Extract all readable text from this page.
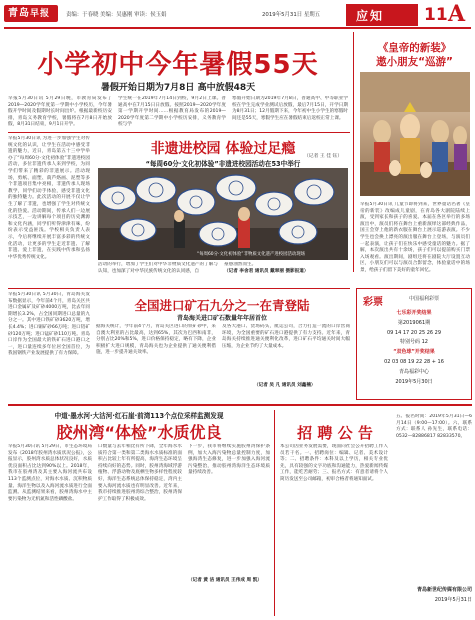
青岛早报	责编：于春晓 美编：吴惠刚 审读：侯玉娟	2019年5月31日 星期五	应知 11 A
小学初中今年暑假55天
暑假开始日期为7月8日 高中放假48天
早报5月30日讯 5月29日晚，市教育局发布了2019—2020学年度第一学期中小学校历，今年暑假开学时间及假期时长时间出炉。根据最新校历安排，青岛义务教育学校，暑假将在7月8日开始放假，8月31日结束，9月1日开学。
学生统一在2019年7月14日到校，9月2日上课。普通高中在7月15日日放假。按照2019—2020学年度第一学期开学时间……根据教育局发布的2019—2020学年度第二学期中小学校历安排，义务教育学校与学
寒假开始日期为2019年7月8日，普通高中、中等职业学校在学生完成学业测试后放假，最后7月15日，开学日期为8月31日；12月假期下来，今年初中生小学生的寒假时间还是55天，寒假学生应在暑假结束后返校正常上课。
（记者 王 佳 钰）
《皇帝的新装》
遨小朋友“巡游”
早报5月30日讯 儿童节即将到来，世界童话名著《皇帝的新装》改编成儿童剧，在青岛各大剧院陆续上演，受到家长和孩子的喜爱。本届在各区举行的多场演出中，演员们将在舞台上重新演绎这部经典作品，国王会穿上他的新衣服在舞台上展示巡游表演。不少学生也会换上漂亮的演出服在舞台上登场，与演员们一起表演，让孩子们在快乐中感受童话的魅力。据了解，本次演出共有十余场，孩子们可以提前购买门票入场观看。演出期间，剧组还将在剧院大厅设置互动区，小朋友们可以与演员合影留念，体验童话中的场景，给孩子们留下美好的童年回忆。
早报5月30日讯 为进一步加强学生对传统文化的认识，让学生在活动中感受非遗的魅力，近日，青岛第五十三中学举办了“每周60分·文化初体验”非遗进校园活动，多位非遗传承人来到学校，为同学们带来了精彩的非遗展示。活动现场，剪纸、面塑、葫芦烙画、泥塑等多个非遗项目集中亮相，非遗传承人现场教学，同学们动手体验，感受非遗文化的独特魅力。此次活动的开展不仅让学生了解了非遗，也增强了学生对传统文化的热爱。活动期间，传承人们一边展示技艺，一边讲解每个项目的历史渊源和文化内涵，同学们听得津津有味，纷纷表示受益匪浅。学校相关负责人表示，今后将继续开展丰富多彩的传统文化活动，让更多的学生走近非遗、了解非遗、爱上非遗，在实践中传承和弘扬中华优秀传统文化。
非遗进校园 体验过足瘾
“每周60分·文化初体验”非遗进校园活动在53中举行
“每周60分·文化初体验”非物质文化遗产进校园活动现场
活动的举行，增加了学生们对中华非物质文化遗产的了解与认知，也加深了对中华民族传统文化的认同感，自
豪感油然而生。
（记者 李舍君 通讯员 戴翠丽 摄影报道）
早报5月30日讯 5月30日，青岛海关发布数据显示，今年前4个月，青岛关区共进口金属矿及矿砂4000万吨，比去年同期增长3.2%，占全国同期进口总量的九分之一。其中进口铁矿砂3620万吨，增长4.4%；进口铜矿砂66万吨；进口铝矿砂120万吨；进口锰矿砂110万吨。青岛口岸作为全国最大的铁矿石进口港口之一，进口量连续多年位居全国首位，为我国钢铁产业发展提供了有力保障。
全国进口矿石九分之一在青登陆
青岛海关进口矿石数量年年居首位
据海关统计，今年前4个月，青岛关区进口的铁矿砂中，来自澳大利亚的占比最高，达到65%，其次为巴西和南非，分别占比20%和5%，进口价格保持稳定，略有下降，企业积极扩大进口规模，青岛海关也为企业提供了通关便利措施，进一步提升通关效率。
及各大港口、货场码头，航运公司，合力打造一流的口岸营商环境，为全国重要的矿石进口港提供了有力支持。近年来，青岛海关持续推进通关便利化改革，进口矿石平均通关时间大幅压缩，为企业节约了大量成本。
（记者 吴 凡 通讯员 刘鑫楠）
彩票	中国福利彩票
七乐彩开奖结果
第2019061期
09 14 17 20 25 26 29
特别号码 12
“双色球”开奖结果
02 03 08 19 22 28 + 16
青岛福彩中心
2019年5月30日
中道·墨水河·大沽河·红石崖·前湾113个点位采样监测发现
胶州湾“体检”水质优良
早报5月30日讯 5月29日，市生态环境局发布《2018年胶州湾水质状况公报》，公报显示，胶州湾水质总体状况良好，水质优良面积占比达到90%以上。2018年，我市在胶州湾及其主要入海河流共布设113个监测点位，对海水水质、沉积物质量、海洋生物以及入海河流水质进行全面监测。从监测结果来看，胶州湾海水中主要污染物为无机氮和活性磷酸盐。
口数量与去年相比有所下降，全年海水水质符合第一类和第二类海水水质标准的面积占比较上年有所提高，海湾生态环境呈持续向好的态势。同时，胶州湾海域浮游植物、浮游动物及底栖生物多样性程度较好，海洋生态系统总体保持稳定，湾内主要入海河流水质也有明显改善。近年来，我市持续推进胶州湾综合整治，胶州湾保护工作取得了积极成效。
下一步，我市将继续实施胶州湾保护条例，加大入海污染物总量控制力度，加强海湾生态修复，进一步加强入海河流污染整治，推动胶州湾海洋生态环境质量持续改善。
（记者 黄 洁 通讯员 王伟成 周 凯）
招 聘 公 告
本公司因业务发展需要，现面向社会公开招聘工作人员若干名。一、招聘岗位：编辑、记者、美术设计等；二、招聘条件：本科及以上学历，相关专业优先，具有较强的文字功底和沟通能力，热爱新闻传媒工作，能吃苦耐劳；三、报名方式：有意者请将个人简历发送至公司邮箱，初审合格者将通知面试。
五、报名时间：2019年5月31日—6月14日（9:00—17:00）。六、联系方式：联系人 孙先生，联系电话：0532—82886817 82833570。
青岛新世纪传媒有限公司
2019年5月31日
